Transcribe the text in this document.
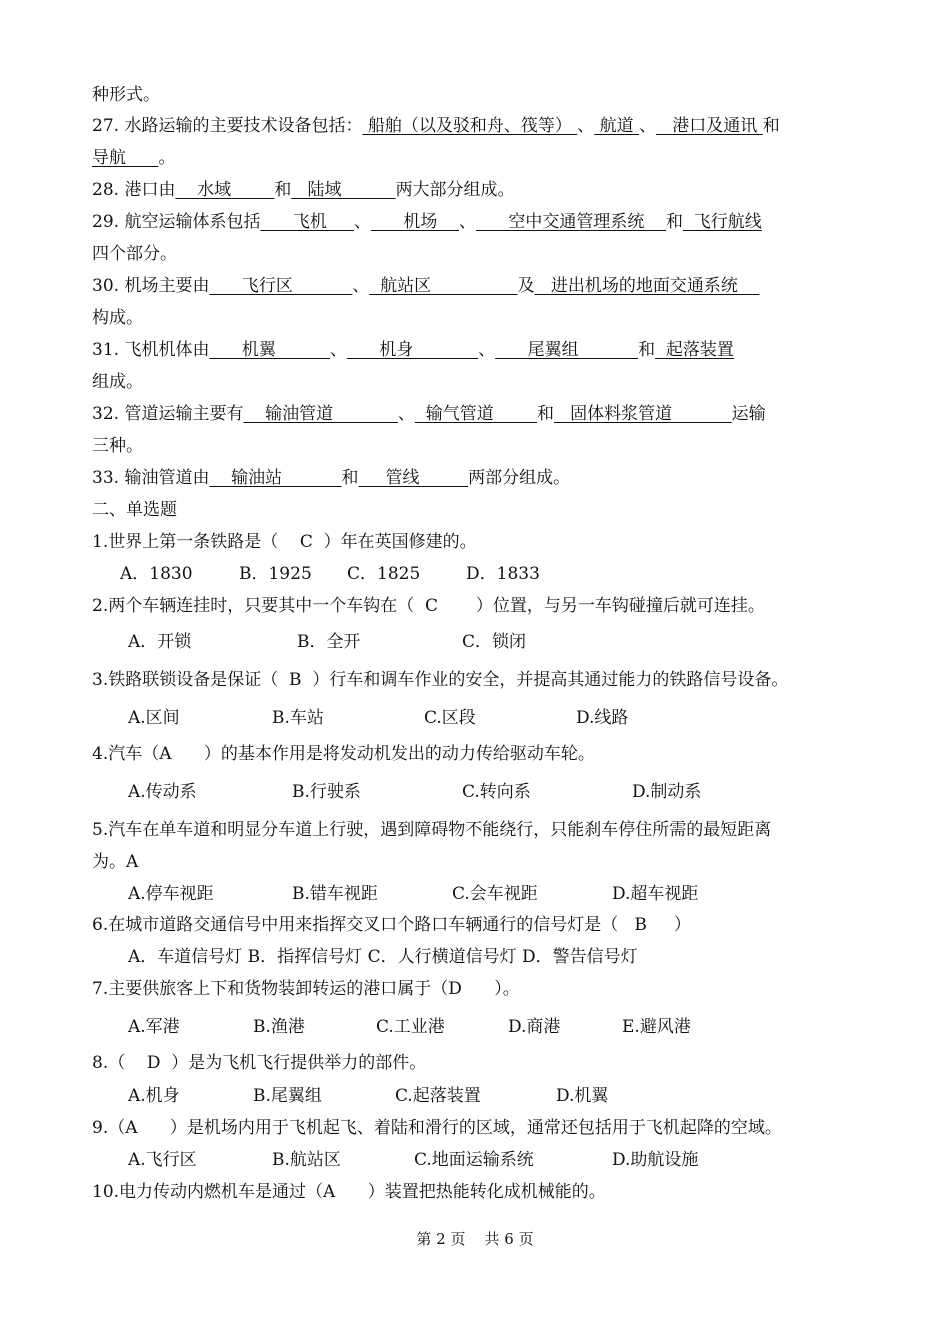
种形式。
27. 水路运输的主要技术设备包括： 船舶（以及驳和舟、筏等） 、 航道 、   港口及通讯 和
导航      。
28. 港口由    水域        和   陆域          两大部分组成。
29. 航空运输体系包括      飞机     、      机场    、      空中交通管理系统    和  飞行航线
四个部分。
30. 机场主要由      飞行区           、  航站区                及   进出机场的地面交通系统
构成。
31. 飞机机体由      机翼          、      机身            、      尾翼组           和  起落装置
组成。
32. 管道运输主要有    输油管道            、  输气管道        和   固体料浆管道           运输
三种。
33. 输油管道由    输油站           和     管线         两部分组成。
二、单选题
1.世界上第一条铁路是（    C  ）年在英国修建的。
A．1830	B．1925 C．1825	D．1833
2.两个车辆连挂时，只要其中一个车钩在（  C       ）位置，与另一车钩碰撞后就可连挂。
A．开锁	B．全开	C．锁闭
3.铁路联锁设备是保证（  B  ）行车和调车作业的安全，并提高其通过能力的铁路信号设备。
A.区间	B.车站	C.区段	D.线路
4.汽车（A      ）的基本作用是将发动机发出的动力传给驱动车轮。
A.传动系	B.行驶系	C.转向系	D.制动系
5.汽车在单车道和明显分车道上行驶，遇到障碍物不能绕行，只能刹车停住所需的最短距离
为。A
A.停车视距	B.错车视距	C.会车视距	D.超车视距
6.在城市道路交通信号中用来指挥交叉口个路口车辆通行的信号灯是（   B     ）
A．车道信号灯 B．指挥信号灯 C．人行横道信号灯 D．警告信号灯
7.主要供旅客上下和货物装卸转运的港口属于（D      ）。
A.军港	B.渔港	C.工业港	D.商港	E.避风港
8.（    D  ）是为飞机飞行提供举力的部件。
A.机身	B.尾翼组	C.起落装置	D.机翼
9.（A      ）是机场内用于飞机起飞、着陆和滑行的区域，通常还包括用于飞机起降的空域。
A.飞行区	B.航站区	C.地面运输系统	D.助航设施
10.电力传动内燃机车是通过（A      ）装置把热能转化成机械能的。
第 2 页    共 6 页
